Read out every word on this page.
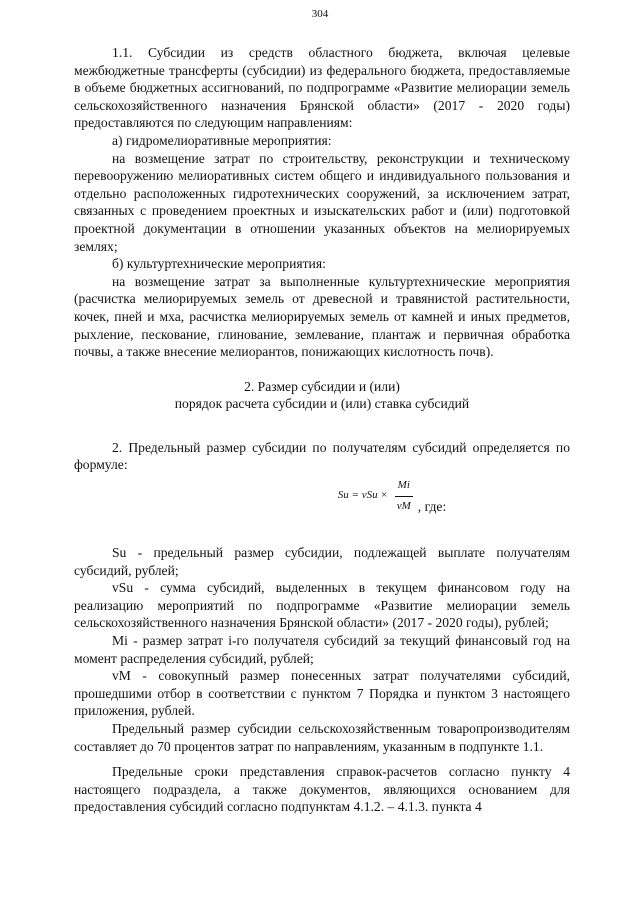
304

1.1. Субсидии из средств областного бюджета, включая целевые межбюджетные трансферты (субсидии) из федерального бюджета, предоставляемые в объеме бюджетных ассигнований, по подпрограмме «Развитие мелиорации земель сельскохозяйственного назначения Брянской области» (2017 - 2020 годы) предоставляются по следующим направлениям:

а) гидромелиоративные мероприятия:

на возмещение затрат по строительству, реконструкции и техническому перевооружению мелиоративных систем общего и индивидуального пользования и отдельно расположенных гидротехнических сооружений, за исключением затрат, связанных с проведением проектных и изыскательских работ и (или) подготовкой проектной документации в отношении указанных объектов на мелиорируемых землях;

б) культуртехнические мероприятия:

на возмещение затрат за выполненные культуртехнические мероприятия (расчистка мелиорируемых земель от древесной и травянистой растительности, кочек, пней и мха, расчистка мелиорируемых земель от камней и иных предметов, рыхление, пескование, глинование, землевание, плантаж и первичная обработка почвы, а также внесение мелиорантов, понижающих кислотность почв).

2. Размер субсидии и (или)

порядок расчета субсидии и (или) ставка субсидий

2. Предельный размер субсидии по получателям субсидий определяется по формуле:

Su = vSu × $\frac{Mi}{vM}$ , где:

Su - предельный размер субсидии, подлежащей выплате получателям субсидий, рублей;

vSu - сумма субсидий, выделенных в текущем финансовом году на реализацию мероприятий по подпрограмме «Развитие мелиорации земель сельскохозяйственного назначения Брянской области» (2017 - 2020 годы), рублей;

Mi - размер затрат i-го получателя субсидий за текущий финансовый год на момент распределения субсидий, рублей;

vM - совокупный размер понесенных затрат получателями субсидий, прошедшими отбор в соответствии с пунктом 7 Порядка и пунктом 3 настоящего приложения, рублей.

Предельный размер субсидии сельскохозяйственным товаропроизводителям составляет до 70 процентов затрат по направлениям, указанным в подпункте 1.1.

Предельные сроки представления справок-расчетов согласно пункту 4 настоящего подраздела, а также документов, являющихся основанием для предоставления субсидий согласно подпунктам 4.1.2. – 4.1.3. пункта 4
